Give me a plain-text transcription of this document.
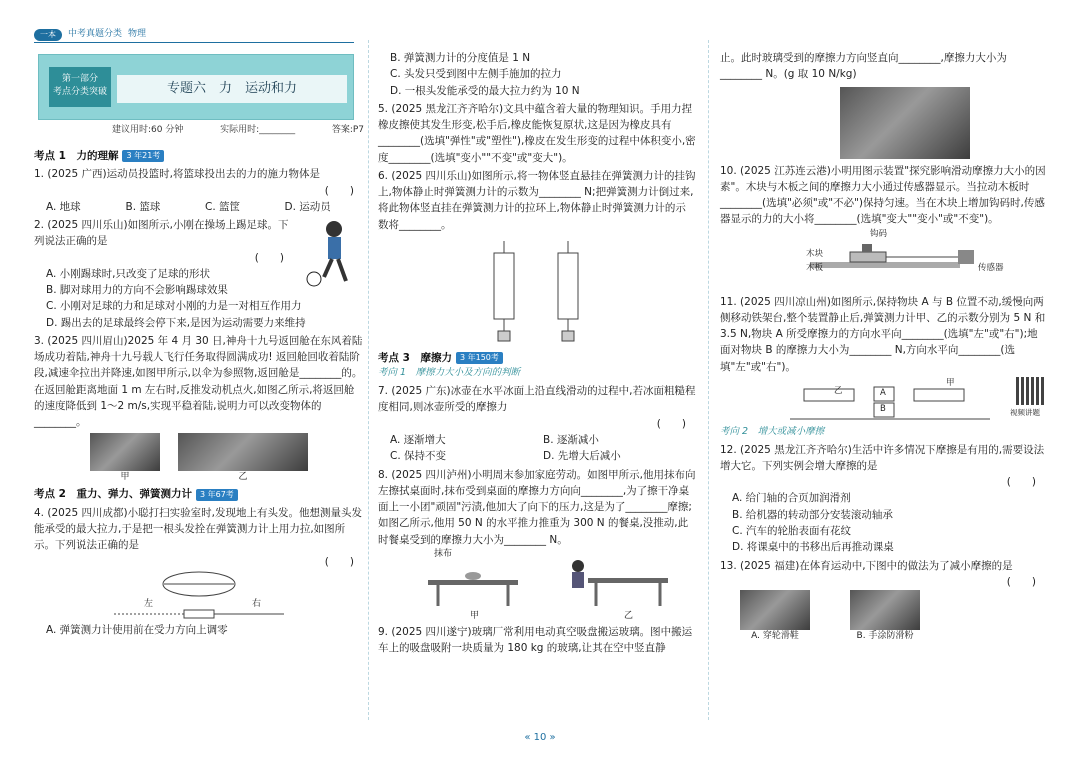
一本	中考真题分类 物理
第一部分
考点分类突破	专题六　力　运动和力
建议用时:60 分钟	实际用时:________	答案:P7
考点 1　力的理解	3 年21考
1. (2025 广西)运动员投篮时,将篮球投出去的力的施力物体是
(　　)
A. 地球	B. 篮球	C. 篮筐	D. 运动员
2. (2025 四川乐山)如图所示,小刚在操场上踢足球。下列说法正确的是
(　　)
A. 小刚踢球时,只改变了足球的形状
B. 脚对球用力的方向不会影响踢球效果
C. 小刚对足球的力和足球对小刚的力是一对相互作用力
D. 踢出去的足球最终会停下来,是因为运动需要力来维持
3. (2025 四川眉山)2025 年 4 月 30 日,神舟十九号返回舱在东风着陆场成功着陆,神舟十九号载人飞行任务取得圆满成功! 返回舱回收着陆阶段,减速伞拉出并降速,如图甲所示,以伞为参照物,返回舱是________的。在返回舱距离地面 1 m 左右时,反推发动机点火,如图乙所示,将返回舱的速度降低到 1～2 m/s,实现平稳着陆,说明力可以改变物体的________。
甲	乙
考点 2　重力、弹力、弹簧测力计	3 年67考
4. (2025 四川成都)小聪打扫实验室时,发现地上有头发。他想测量头发能承受的最大拉力,于是把一根头发拴在弹簧测力计上用力拉,如图所示。下列说法正确的是
(　　)
左	右
A. 弹簧测力计使用前在受力方向上调零
B. 弹簧测力计的分度值是 1 N
C. 头发只受到图中左侧手施加的拉力
D. 一根头发能承受的最大拉力约为 10 N
5. (2025 黑龙江齐齐哈尔)文具中蕴含着大量的物理知识。手用力捏橡皮擦使其发生形变,松手后,橡皮能恢复原状,这是因为橡皮具有________(选填"弹性"或"塑性"),橡皮在发生形变的过程中体积变小,密度________(选填"变小""不变"或"变大")。
6. (2025 四川乐山)如图所示,将一物体竖直悬挂在弹簧测力计的挂钩上,物体静止时弹簧测力计的示数为________ N;把弹簧测力计倒过来,将此物体竖直挂在弹簧测力计的拉环上,物体静止时弹簧测力计的示数将________。
考点 3　摩擦力	3 年150考
考向 1　摩擦力大小及方向的判断
7. (2025 广东)冰壶在水平冰面上沿直线滑动的过程中,若冰面粗糙程度相同,则冰壶所受的摩擦力
(　　)
A. 逐渐增大	B. 逐渐减小
C. 保持不变	D. 先增大后减小
8. (2025 四川泸州)小明周末参加家庭劳动。如图甲所示,他用抹布向左擦拭桌面时,抹布受到桌面的摩擦力方向向________,为了擦干净桌面上一小团"顽固"污渍,他加大了向下的压力,这是为了________摩擦;如图乙所示,他用 50 N 的水平推力推重为 300 N 的餐桌,没推动,此时餐桌受到的摩擦力大小为________ N。
抹布
甲	乙
9. (2025 四川遂宁)玻璃厂常利用电动真空吸盘搬运玻璃。图中搬运车上的吸盘吸附一块质量为 180 kg 的玻璃,让其在空中竖直静
止。此时玻璃受到的摩擦力方向竖直向________,摩擦力大小为________ N。(g 取 10 N/kg)
10. (2025 江苏连云港)小明用图示装置"探究影响滑动摩擦力大小的因素"。木块与木板之间的摩擦力大小通过传感器显示。当拉动木板时________(选填"必须"或"不必")保持匀速。当在木块上增加钩码时,传感器显示的力的大小将________(选填"变大""变小"或"不变")。
钩码
木块
木板	传感器
11. (2025 四川凉山州)如图所示,保持物块 A 与 B 位置不动,缓慢向两侧移动铁架台,整个装置静止后,弹簧测力计甲、乙的示数分别为 5 N 和 3.5 N,物块 A 所受摩擦力的方向水平向________(选填"左"或"右");地面对物块 B 的摩擦力大小为________ N,方向水平向________(选填"左"或"右")。
乙	A
B
甲
视频讲题
考向 2　增大或减小摩擦
12. (2025 黑龙江齐齐哈尔)生活中许多情况下摩擦是有用的,需要设法增大它。下列实例会增大摩擦的是
(　　)
A. 给门轴的合页加润滑剂
B. 给机器的转动部分安装滚动轴承
C. 汽车的轮胎表面有花纹
D. 将课桌中的书移出后再推动课桌
13. (2025 福建)在体育运动中,下图中的做法为了减小摩擦的是
(　　)
A. 穿轮滑鞋	B. 手涂防滑粉
« 10 »
